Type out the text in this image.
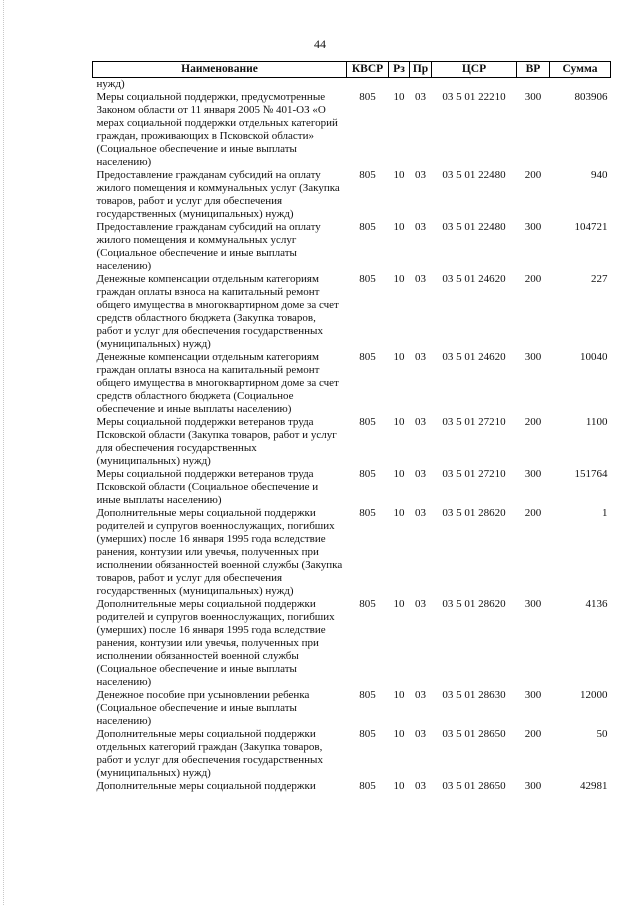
44
Наименование	КВСР	Рз	Пр	ЦСР	ВР	Сумма
нужд)						
Меры социальной поддержки, предусмотренные Законом области от 11 января 2005 № 401-ОЗ «О мерах социальной поддержки отдельных категорий граждан, проживающих в Псковской области» (Социальное обеспечение и иные выплаты населению)	805	10	03	03 5 01 22210	300	803906
Предоставление гражданам субсидий на оплату жилого помещения и коммунальных услуг (Закупка товаров, работ и услуг для обеспечения государственных (муниципальных) нужд)	805	10	03	03 5 01 22480	200	940
Предоставление гражданам субсидий на оплату жилого помещения и коммунальных услуг (Социальное обеспечение и иные выплаты населению)	805	10	03	03 5 01 22480	300	104721
Денежные компенсации отдельным категориям граждан оплаты взноса на капитальный ремонт общего имущества в многоквартирном доме за счет средств областного бюджета (Закупка товаров, работ и услуг для обеспечения государственных (муниципальных) нужд)	805	10	03	03 5 01 24620	200	227
Денежные компенсации отдельным категориям граждан оплаты взноса на капитальный ремонт общего имущества в многоквартирном доме за счет средств областного бюджета (Социальное обеспечение и иные выплаты населению)	805	10	03	03 5 01 24620	300	10040
Меры социальной поддержки ветеранов труда Псковской области (Закупка товаров, работ и услуг для обеспечения государственных (муниципальных) нужд)	805	10	03	03 5 01 27210	200	1100
Меры социальной поддержки ветеранов труда Псковской области (Социальное обеспечение и иные выплаты населению)	805	10	03	03 5 01 27210	300	151764
Дополнительные меры социальной поддержки родителей и супругов военнослужащих, погибших (умерших) после 16 января 1995 года вследствие ранения, контузии или увечья, полученных при исполнении обязанностей военной службы (Закупка товаров, работ и услуг для обеспечения государственных (муниципальных) нужд)	805	10	03	03 5 01 28620	200	1
Дополнительные меры социальной поддержки родителей и супругов военнослужащих, погибших (умерших) после 16 января 1995 года вследствие ранения, контузии или увечья, полученных при исполнении обязанностей военной службы (Социальное обеспечение и иные выплаты населению)	805	10	03	03 5 01 28620	300	4136
Денежное пособие при усыновлении ребенка (Социальное обеспечение и иные выплаты населению)	805	10	03	03 5 01 28630	300	12000
Дополнительные меры социальной поддержки отдельных категорий граждан (Закупка товаров, работ и услуг для обеспечения государственных (муниципальных) нужд)	805	10	03	03 5 01 28650	200	50
Дополнительные меры социальной поддержки	805	10	03	03 5 01 28650	300	42981
